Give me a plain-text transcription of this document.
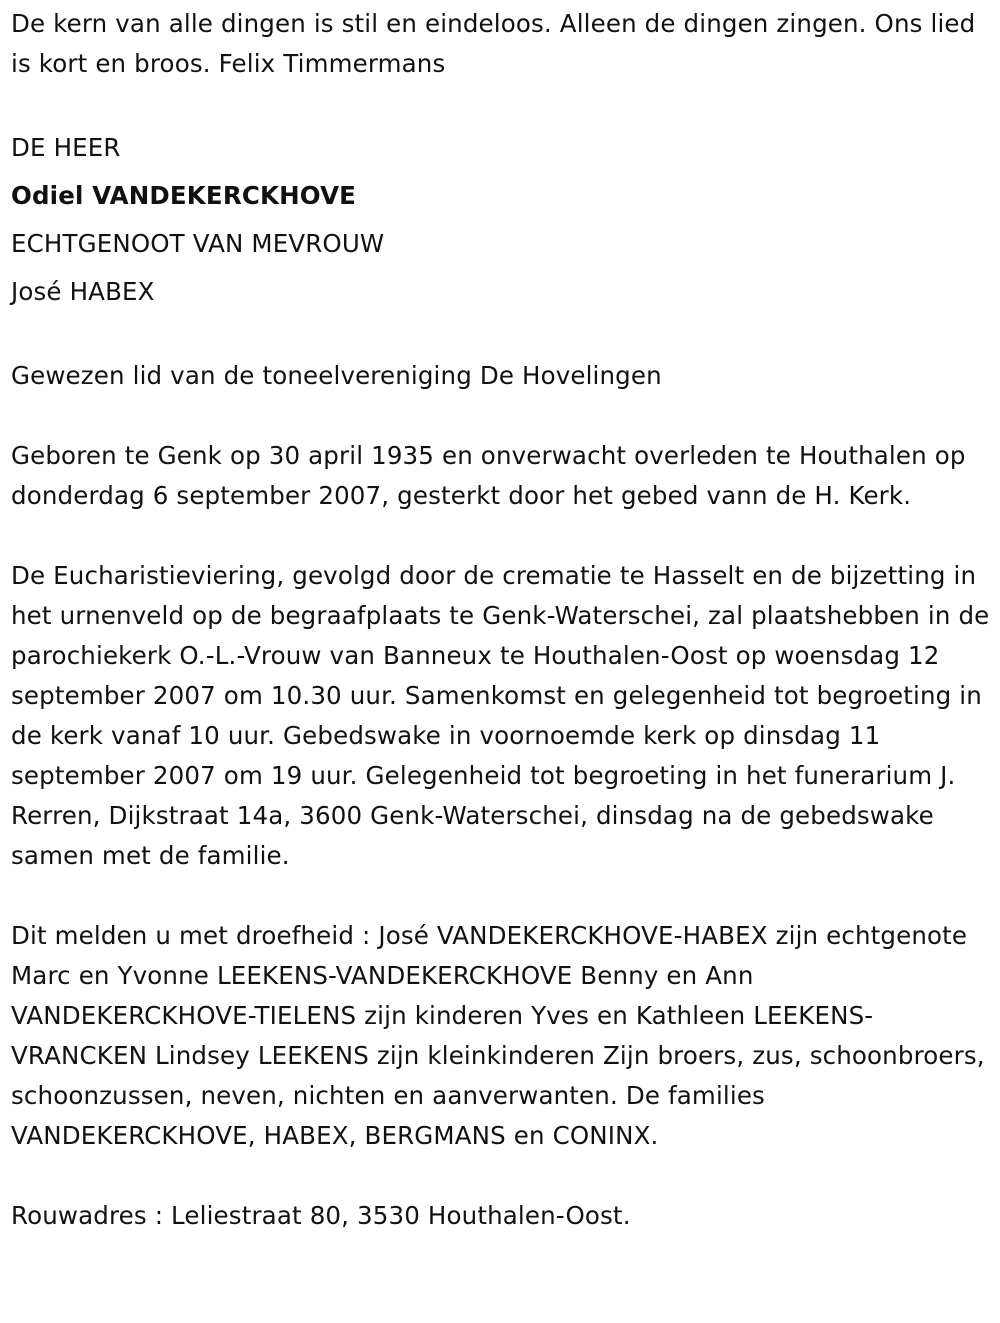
De kern van alle dingen is stil en eindeloos. Alleen de dingen zingen. Ons lied is kort en broos. Felix Timmermans

DE HEER

Odiel VANDEKERCKHOVE

ECHTGENOOT VAN MEVROUW

José HABEX

Gewezen lid van de toneelvereniging De Hovelingen

Geboren te Genk op 30 april 1935 en onverwacht overleden te Houthalen op donderdag 6 september 2007, gesterkt door het gebed vann de H. Kerk.

De Eucharistieviering, gevolgd door de crematie te Hasselt en de bijzetting in het urnenveld op de begraafplaats te Genk-Waterschei, zal plaatshebben in de parochiekerk O.-L.-Vrouw van Banneux te Houthalen-Oost op woensdag 12 september 2007 om 10.30 uur. Samenkomst en gelegenheid tot begroeting in de kerk vanaf 10 uur. Gebedswake in voornoemde kerk op dinsdag 11 september 2007 om 19 uur. Gelegenheid tot begroeting in het funerarium J. Rerren, Dijkstraat 14a, 3600 Genk-Waterschei, dinsdag na de gebedswake samen met de familie.

Dit melden u met droefheid : José VANDEKERCKHOVE-HABEX zijn echtgenote Marc en Yvonne LEEKENS-VANDEKERCKHOVE Benny en Ann VANDEKERCKHOVE-TIELENS zijn kinderen Yves en Kathleen LEEKENS-VRANCKEN Lindsey LEEKENS zijn kleinkinderen Zijn broers, zus, schoonbroers, schoonzussen, neven, nichten en aanverwanten. De families VANDEKERCKHOVE, HABEX, BERGMANS en CONINX.

Rouwadres : Leliestraat 80, 3530 Houthalen-Oost.
